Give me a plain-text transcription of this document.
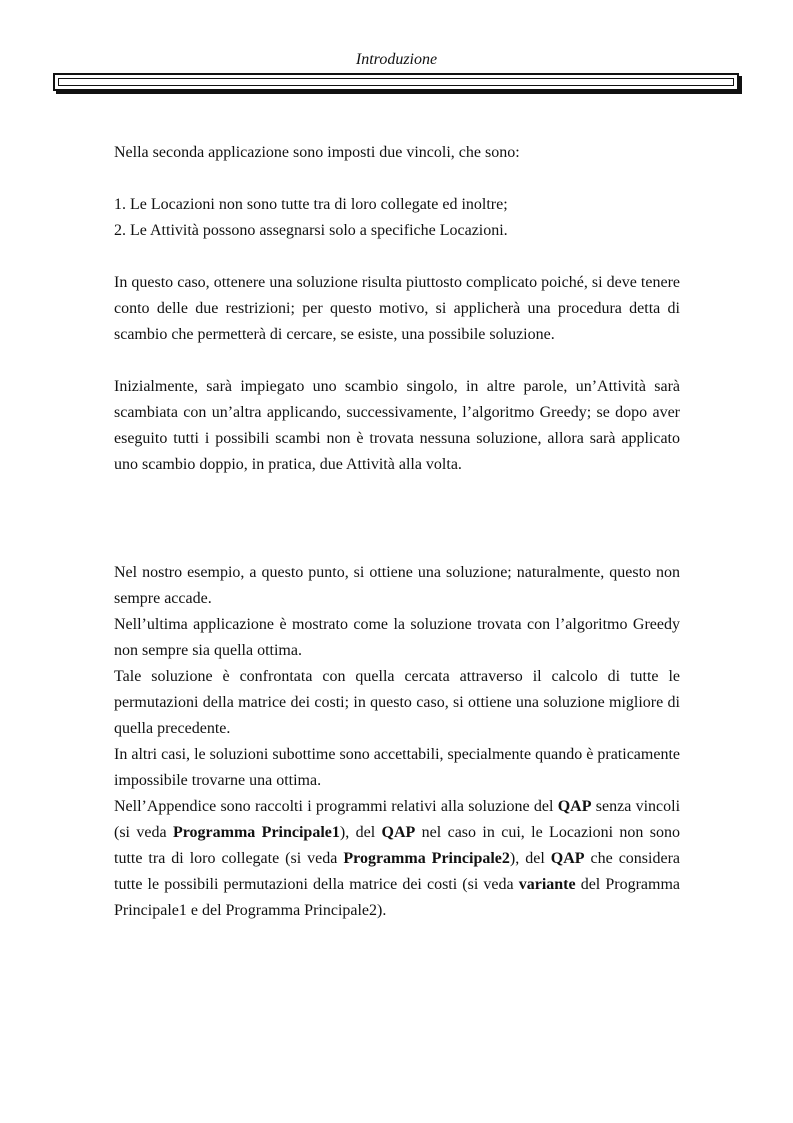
Introduzione

Nella seconda applicazione sono imposti due vincoli, che sono:

1. Le Locazioni non sono tutte tra di loro collegate ed inoltre;

2. Le Attività possono assegnarsi solo a specifiche Locazioni.

In questo caso, ottenere una soluzione risulta piuttosto complicato poiché, si deve tenere conto delle due restrizioni; per questo motivo, si applicherà una procedura detta di scambio che permetterà di cercare, se esiste, una possibile soluzione.

Inizialmente, sarà impiegato uno scambio singolo, in altre parole, un’Attività sarà scambiata con un’altra applicando, successivamente, l’algoritmo Greedy; se dopo aver eseguito tutti i possibili scambi non è trovata nessuna soluzione, allora sarà applicato uno scambio doppio, in pratica, due Attività alla volta.

Nel nostro esempio, a questo punto, si ottiene una soluzione; naturalmente, questo non sempre accade.

Nell’ultima applicazione è mostrato come la soluzione trovata con l’algoritmo Greedy non sempre sia quella ottima.

Tale soluzione è confrontata con quella cercata attraverso il calcolo di tutte le permutazioni della matrice dei costi; in questo caso, si ottiene una soluzione migliore di quella precedente.

In altri casi, le soluzioni subottime sono accettabili, specialmente quando è praticamente impossibile trovarne una ottima.

Nell’Appendice sono raccolti i programmi relativi alla soluzione del QAP senza vincoli (si veda Programma Principale1), del QAP nel caso in cui, le Locazioni non sono tutte tra di loro collegate (si veda Programma Principale2), del QAP che considera tutte le possibili permutazioni della matrice dei costi (si veda variante del Programma Principale1 e del Programma Principale2).
